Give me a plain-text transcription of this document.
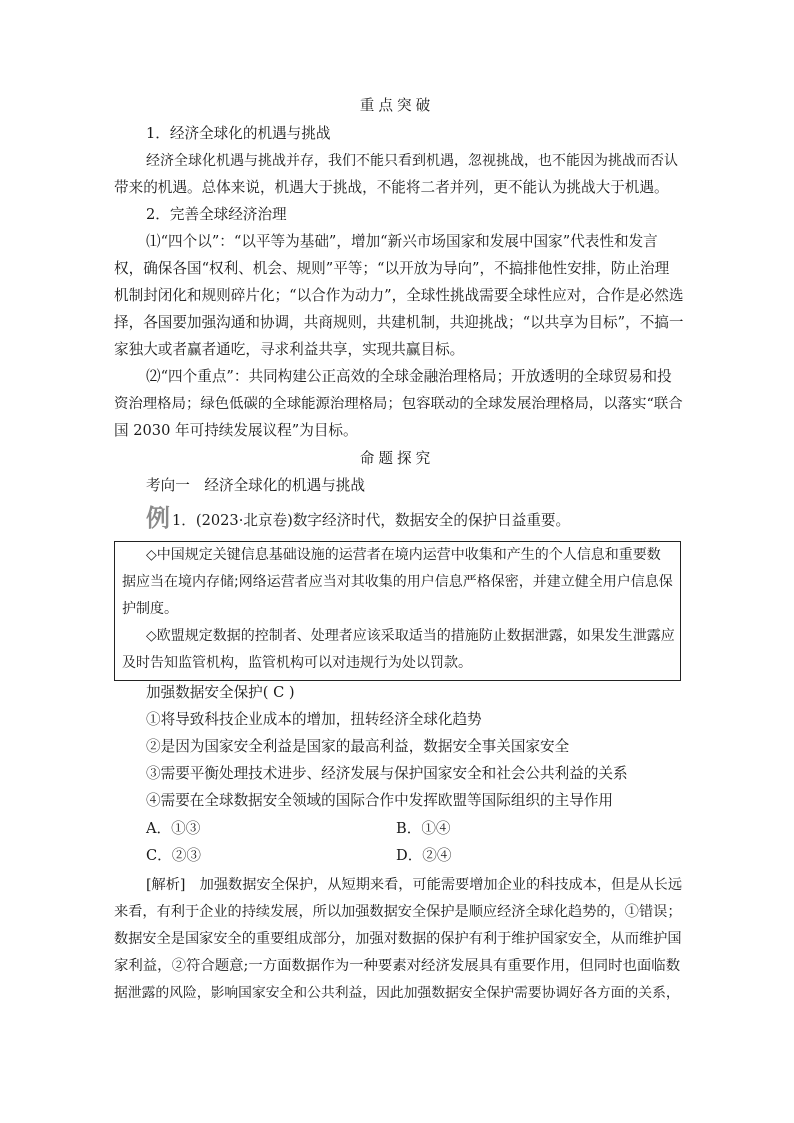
重点突破
1．经济全球化的机遇与挑战
经济全球化机遇与挑战并存，我们不能只看到机遇，忽视挑战，也不能因为挑战而否认
带来的机遇。总体来说，机遇大于挑战，不能将二者并列，更不能认为挑战大于机遇。
2．完善全球经济治理
⑴“四个以”：“以平等为基础”，增加“新兴市场国家和发展中国家”代表性和发言
权，确保各国“权利、机会、规则”平等；“以开放为导向”，不搞排他性安排，防止治理
机制封闭化和规则碎片化；“以合作为动力”，全球性挑战需要全球性应对，合作是必然选
择，各国要加强沟通和协调，共商规则，共建机制，共迎挑战；“以共享为目标”，不搞一
家独大或者赢者通吃，寻求利益共享，实现共赢目标。
⑵“四个重点”：共同构建公正高效的全球金融治理格局；开放透明的全球贸易和投
资治理格局；绿色低碳的全球能源治理格局；包容联动的全球发展治理格局，以落实“联合
国 2030 年可持续发展议程”为目标。
命题探究
考向一　经济全球化的机遇与挑战
例 1．(2023·北京卷)数字经济时代，数据安全的保护日益重要。
◇中国规定关键信息基础设施的运营者在境内运营中收集和产生的个人信息和重要数
据应当在境内存储;网络运营者应当对其收集的用户信息严格保密，并建立健全用户信息保
护制度。
◇欧盟规定数据的控制者、处理者应该采取适当的措施防止数据泄露，如果发生泄露应
及时告知监管机构，监管机构可以对违规行为处以罚款。
加强数据安全保护( C )
①将导致科技企业成本的增加，扭转经济全球化趋势
②是因为国家安全利益是国家的最高利益，数据安全事关国家安全
③需要平衡处理技术进步、经济发展与保护国家安全和社会公共利益的关系
④需要在全球数据安全领域的国际合作中发挥欧盟等国际组织的主导作用
A．①③	B．①④
C．②③	D．②④
[解析]　加强数据安全保护，从短期来看，可能需要增加企业的科技成本，但是从长远
来看，有利于企业的持续发展，所以加强数据安全保护是顺应经济全球化趋势的，①错误；
数据安全是国家安全的重要组成部分，加强对数据的保护有利于维护国家安全，从而维护国
家利益，②符合题意;一方面数据作为一种要素对经济发展具有重要作用，但同时也面临数
据泄露的风险，影响国家安全和公共利益，因此加强数据安全保护需要协调好各方面的关系，
